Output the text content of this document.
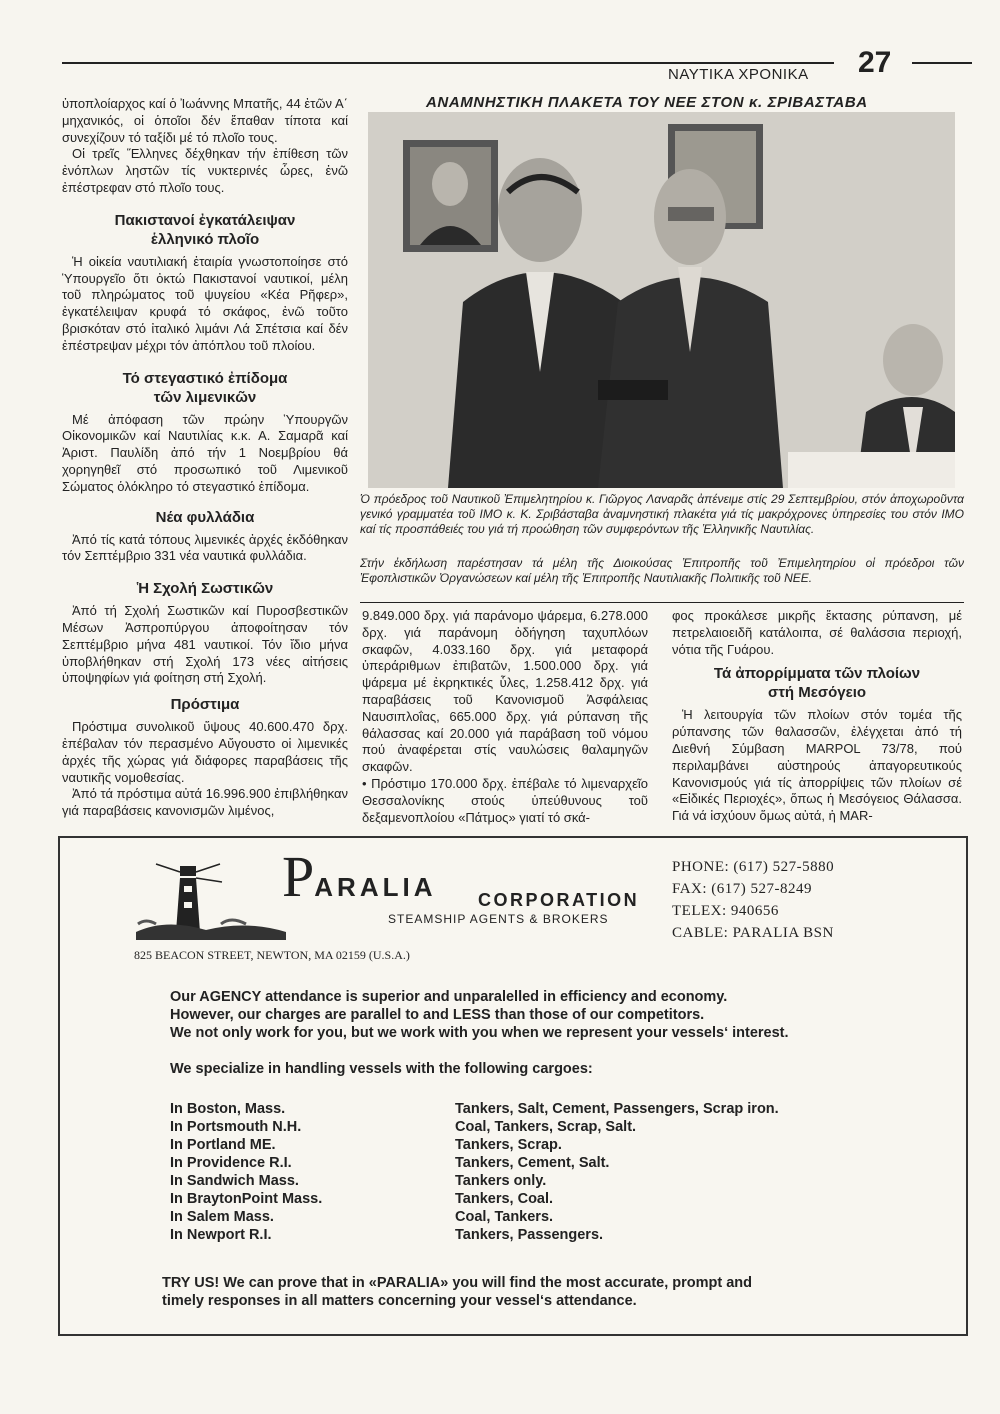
ΝΑΥΤΙΚΑ ΧΡΟΝΙΚΑ 27

ὑποπλοίαρχος καί ὁ Ἰωάννης Μπατῆς, 44 ἐτῶν Α΄ μηχανικός, οἱ ὁποῖοι δέν ἔπαθαν τίποτα καί συνεχίζουν τό ταξίδι μέ τό πλοῖο τους.

Οἱ τρεῖς Ἕλληνες δέχθηκαν τήν ἐπίθεση τῶν ἐνόπλων ληστῶν τίς νυκτερινές ὧρες, ἐνῶ ἐπέστρεφαν στό πλοῖο τους.

Πακιστανοί ἐγκατάλειψαν

ἑλληνικό πλοῖο

Ἡ οἰκεία ναυτιλιακή ἑταιρία γνωστοποίησε στό Ὑπουργεῖο ὅτι ὀκτώ Πακιστανοί ναυτικοί, μέλη τοῦ πληρώματος τοῦ ψυγείου «Κέα Ρῆφερ», ἐγκατέλειψαν κρυφά τό σκάφος, ἐνῶ τοῦτο βρισκόταν στό ἰταλικό λιμάνι Λά Σπέτσια καί δέν ἐπέστρεψαν μέχρι τόν ἀπόπλου τοῦ πλοίου.

Τό στεγαστικό ἐπίδομα

τῶν λιμενικῶν

Μέ ἀπόφαση τῶν πρώην Ὑπουργῶν Οἰκονομικῶν καί Ναυτιλίας κ.κ. Α. Σαμαρᾶ καί Ἀριστ. Παυλίδη ἀπό τήν 1 Νοεμβρίου θά χορηγηθεῖ στό προσωπικό τοῦ Λιμενικοῦ Σώματος ὁλόκληρο τό στεγαστικό ἐπίδομα.

Νέα φυλλάδια

Ἀπό τίς κατά τόπους λιμενικές ἀρχές ἐκδόθηκαν τόν Σεπτέμβριο 331 νέα ναυτικά φυλλάδια.

Ἡ Σχολή Σωστικῶν

Ἀπό τή Σχολή Σωστικῶν καί Πυροσβεστικῶν Μέσων Ἀσπροπύργου ἀποφοίτησαν τόν Σεπτέμβριο μήνα 481 ναυτικοί. Τόν ἴδιο μήνα ὑποβλήθηκαν στή Σχολή 173 νέες αἰτήσεις ὑποψηφίων γιά φοίτηση στή Σχολή.

Πρόστιμα

Πρόστιμα συνολικοῦ ὕψους 40.600.470 δρχ. ἐπέβαλαν τόν περασμένο Αὔγουστο οἱ λιμενικές ἀρχές τῆς χώρας γιά διάφορες παραβάσεις τῆς ναυτικῆς νομοθεσίας.

Ἀπό τά πρόστιμα αὐτά 16.996.900 ἐπιβλήθηκαν γιά παραβάσεις κανονισμῶν λιμένος,

ΑΝΑΜΝΗΣΤΙΚΗ ΠΛΑΚΕΤΑ ΤΟΥ ΝΕΕ ΣΤΟΝ κ. ΣΡΙΒΑΣΤΑΒΑ
Ὁ πρόεδρος τοῦ Ναυτικοῦ Ἐπιμελητηρίου κ. Γιῶργος Λαναρᾶς ἀπένειμε στίς 29 Σεπτεμβρίου, στόν ἀποχωροῦντα γενικό γραμματέα τοῦ IMO κ. Κ. Σριβάσταβα ἀναμνηστική πλακέτα γιά τίς μακρόχρονες ὑπηρεσίες του στόν IMO καί τίς προσπάθειές του γιά τή προώθηση τῶν συμφερόντων τῆς Ἑλληνικῆς Ναυτιλίας.
Στήν ἐκδήλωση παρέστησαν τά μέλη τῆς Διοικούσας Ἐπιτροπῆς τοῦ Ἐπιμελητηρίου οἱ πρόεδροι τῶν Ἐφοπλιστικῶν Ὀργανώσεων καί μέλη τῆς Ἐπιτροπῆς Ναυτιλιακῆς Πολιτικῆς τοῦ ΝΕΕ.

9.849.000 δρχ. γιά παράνομο ψάρεμα, 6.278.000 δρχ. γιά παράνομη ὁδήγηση ταχυπλόων σκαφῶν, 4.033.160 δρχ. γιά μεταφορά ὑπεράριθμων ἐπιβατῶν, 1.500.000 δρχ. γιά ψάρεμα μέ ἐκρηκτικές ὗλες, 1.258.412 δρχ. γιά παραβάσεις τοῦ Κανονισμοῦ Ἀσφάλειας Ναυσιπλοΐας, 665.000 δρχ. γιά ρύπανση τῆς θάλασσας καί 20.000 γιά παράβαση τοῦ νόμου πού ἀναφέρεται στίς ναυλώσεις θαλαμηγῶν σκαφῶν.

• Πρόστιμο 170.000 δρχ. ἐπέβαλε τό λιμεναρχεῖο Θεσσαλονίκης στούς ὑπεύθυνους τοῦ δεξαμενοπλοίου «Πάτμος» γιατί τό σκά-

φος προκάλεσε μικρῆς ἔκτασης ρύπανση, μέ πετρελαιοειδῆ κατάλοιπα, σέ θαλάσσια περιοχή, νότια τῆς Γυάρου.

Τά ἀπορρίμματα τῶν πλοίων

στή Μεσόγειο

Ἡ λειτουργία τῶν πλοίων στόν τομέα τῆς ρύπανσης τῶν θαλασσῶν, ἐλέγχεται ἀπό τή Διεθνή Σύμβαση MARPOL 73/78, πού περιλαμβάνει αὐστηρούς ἀπαγορευτικούς Κανονισμούς γιά τίς ἀπορρίψεις τῶν πλοίων σέ «Εἰδικές Περιοχές», ὅπως ἡ Μεσόγειος Θάλασσα. Γιά νά ἰσχύουν ὅμως αὐτά, ἡ MAR-

PARALIA CORPORATION
STEAMSHIP AGENTS & BROKERS
825 BEACON STREET, NEWTON, MA 02159 (U.S.A.)
PHONE: (617) 527-5880
FAX: (617) 527-8249
TELEX: 940656
CABLE: PARALIA BSN
Our AGENCY attendance is superior and unparalelled in efficiency and economy.
However, our charges are parallel to and LESS than those of our competitors.
We not only work for you, but we work with you when we represent your vessels‘ interest.
We specialize in handling vessels with the following cargoes:
In Boston, Mass.	Tankers, Salt, Cement, Passengers, Scrap iron.
In Portsmouth N.H.	Coal, Tankers, Scrap, Salt.
In Portland ME.	Tankers, Scrap.
In Providence R.I.	Tankers, Cement, Salt.
In Sandwich Mass.	Tankers only.
In BraytonPoint Mass.	Tankers, Coal.
In Salem Mass.	Coal, Tankers.
In Newport R.I.	Tankers, Passengers.
TRY US! We can prove that in «PARALIA» you will find the most accurate, prompt and
timely responses in all matters concerning your vessel‘s attendance.
